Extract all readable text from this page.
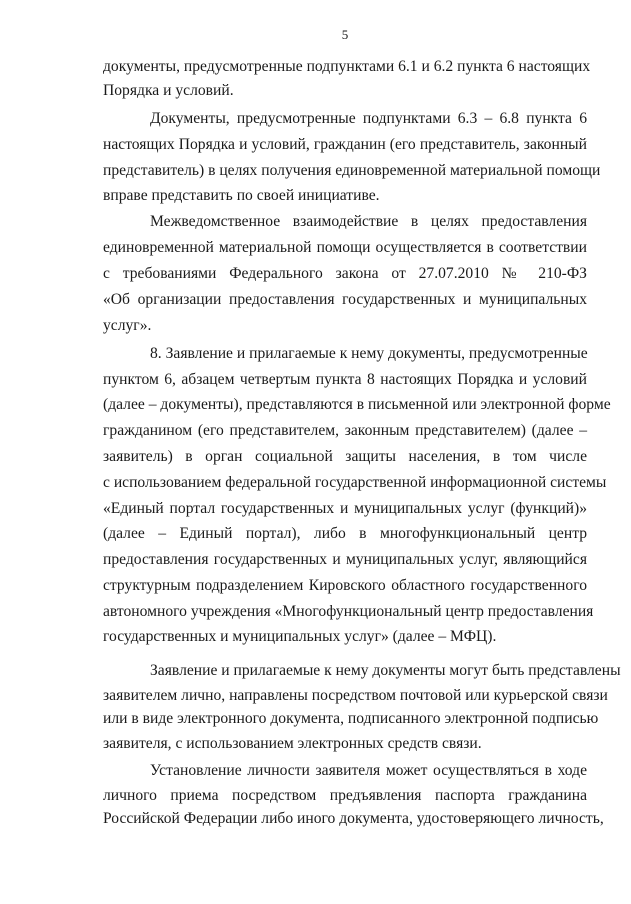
5
документы, предусмотренные подпунктами 6.1 и 6.2 пункта 6 настоящих
Порядка и условий.
Документы, предусмотренные подпунктами 6.3 – 6.8 пункта 6
настоящих Порядка и условий, гражданин (его представитель, законный
представитель) в целях получения единовременной материальной помощи
вправе представить по своей инициативе.
Межведомственное взаимодействие в целях предоставления
единовременной материальной помощи осуществляется в соответствии
с требованиями Федерального закона от 27.07.2010 № 210-ФЗ
«Об организации предоставления государственных и муниципальных
услуг».
8. Заявление и прилагаемые к нему документы, предусмотренные
пунктом 6, абзацем четвертым пункта 8 настоящих Порядка и условий
(далее – документы), представляются в письменной или электронной форме
гражданином (его представителем, законным представителем) (далее –
заявитель) в орган социальной защиты населения, в том числе
с использованием федеральной государственной информационной системы
«Единый портал государственных и муниципальных услуг (функций)»
(далее – Единый портал), либо в многофункциональный центр
предоставления государственных и муниципальных услуг, являющийся
структурным подразделением Кировского областного государственного
автономного учреждения «Многофункциональный центр предоставления
государственных и муниципальных услуг» (далее – МФЦ).
Заявление и прилагаемые к нему документы могут быть представлены
заявителем лично, направлены посредством почтовой или курьерской связи
или в виде электронного документа, подписанного электронной подписью
заявителя, с использованием электронных средств связи.
Установление личности заявителя может осуществляться в ходе
личного приема посредством предъявления паспорта гражданина
Российской Федерации либо иного документа, удостоверяющего личность,
